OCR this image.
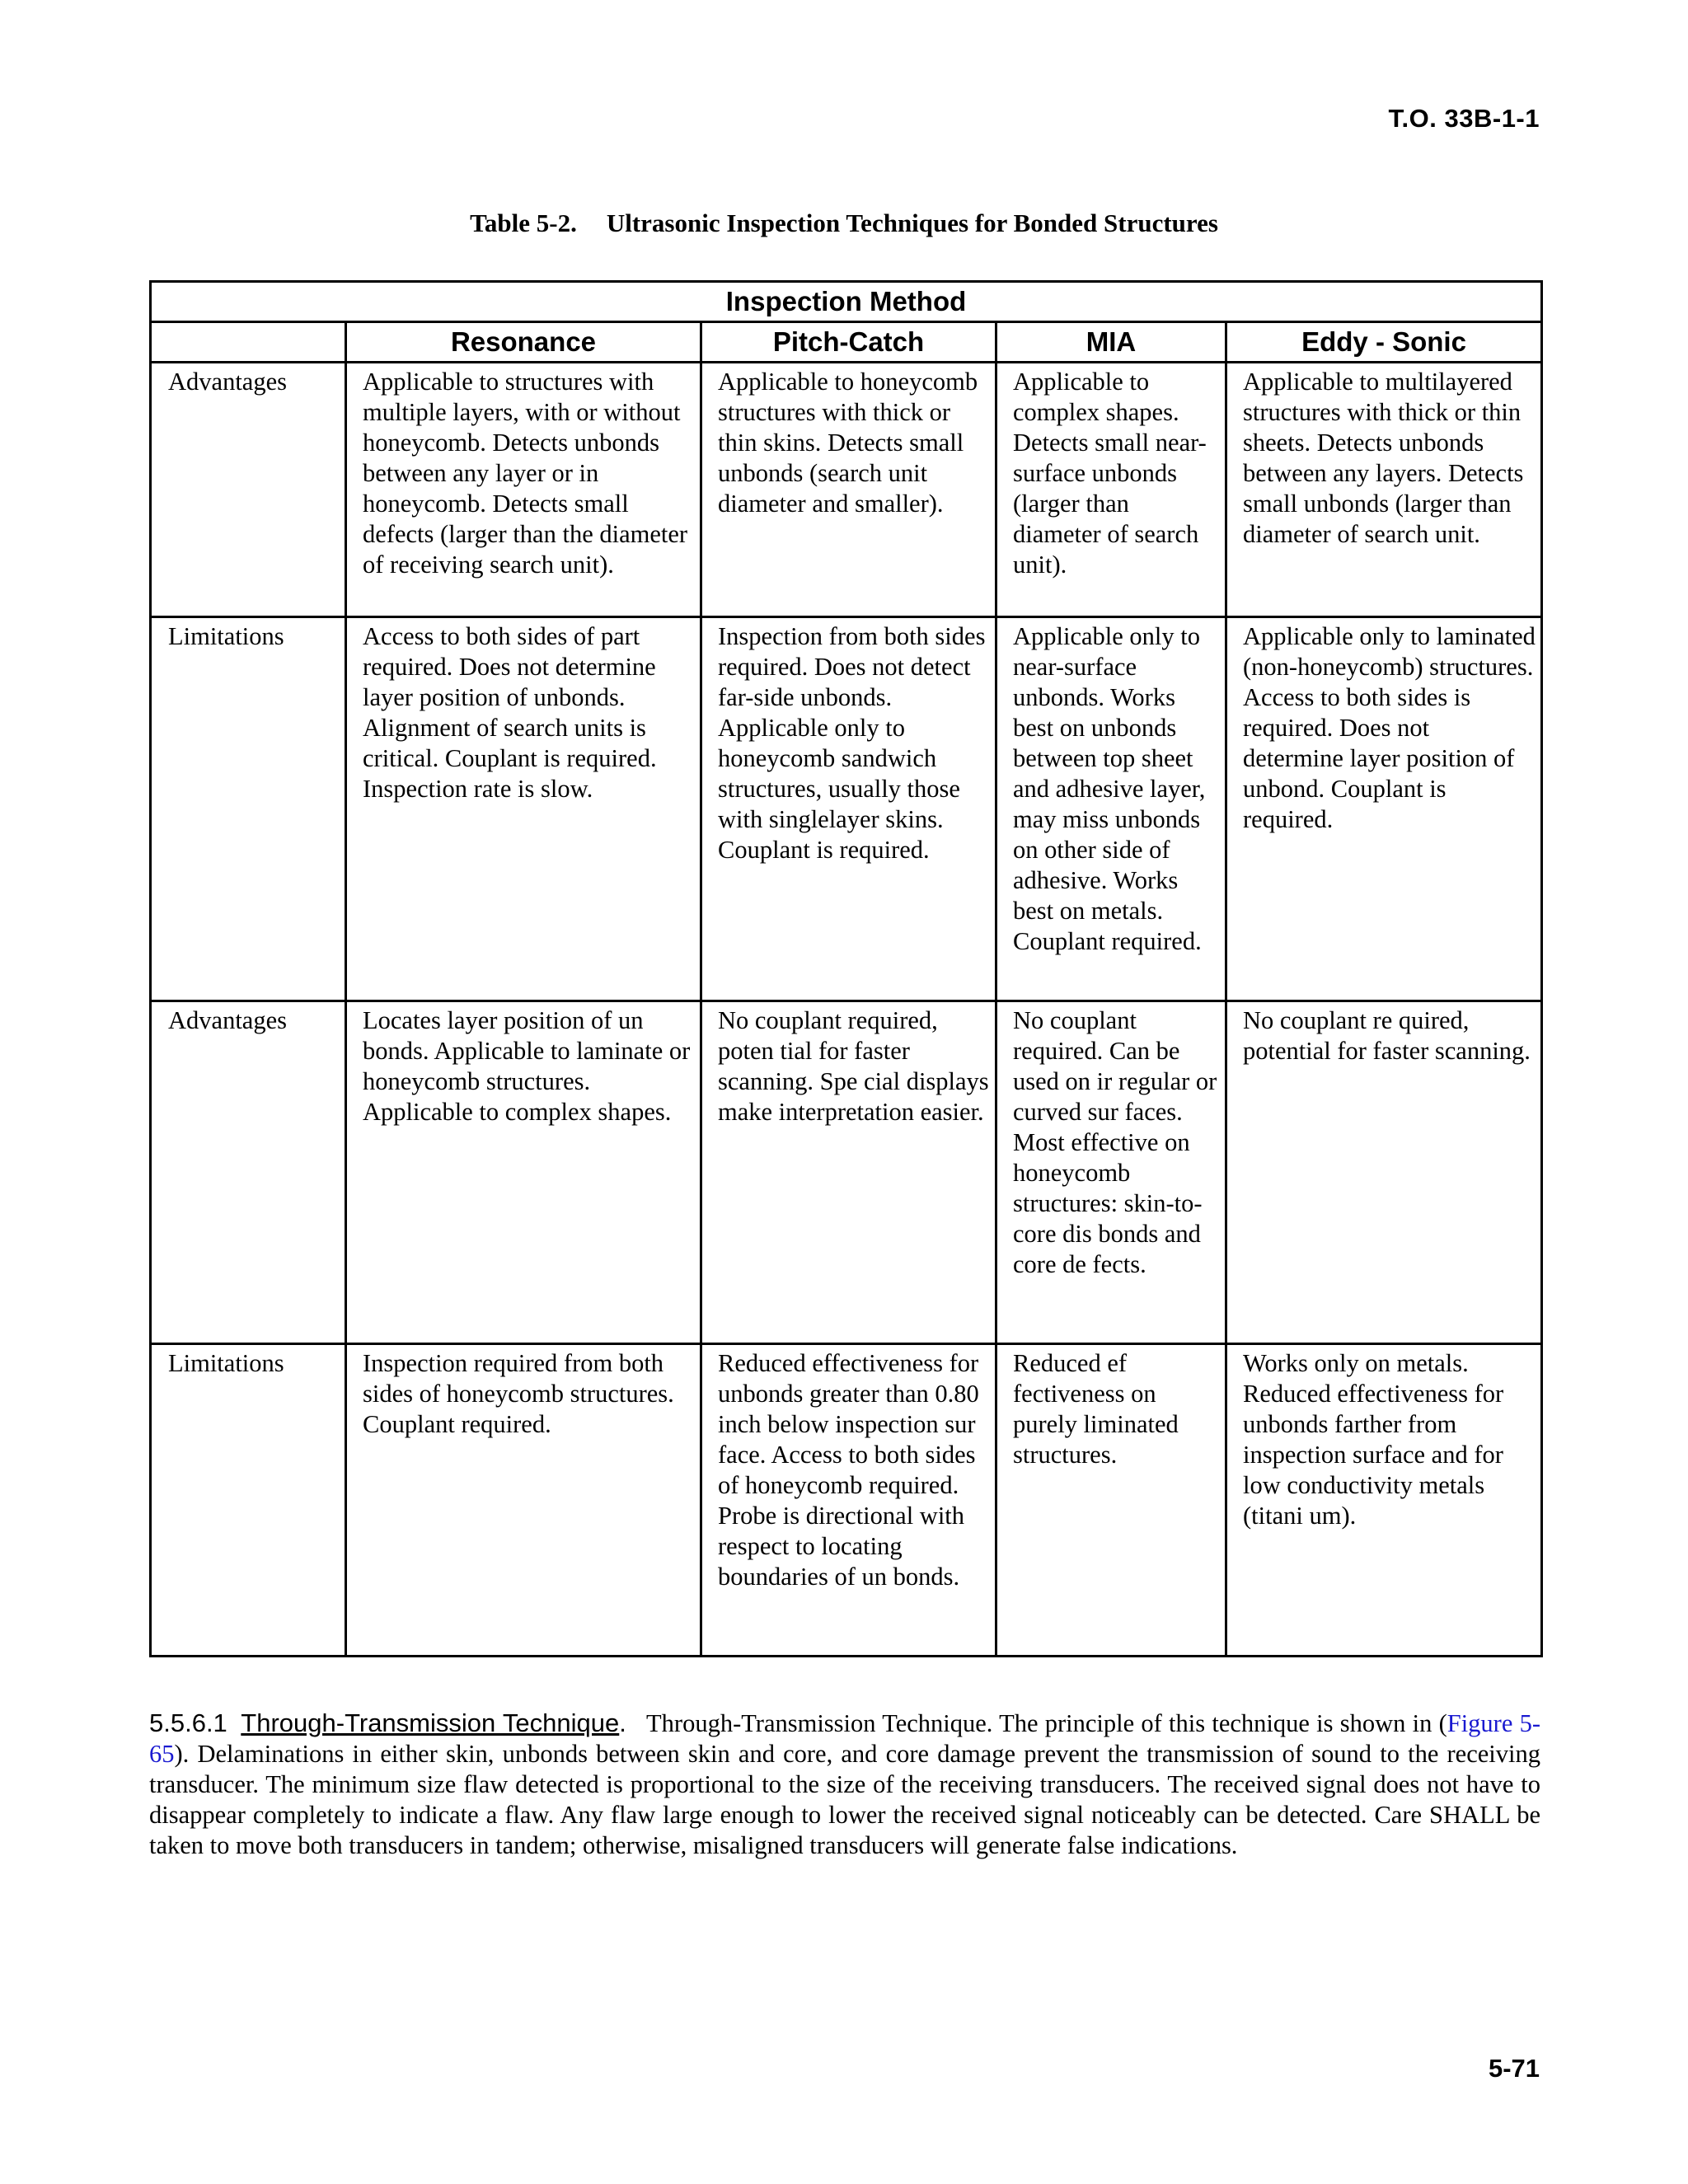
T.O. 33B-1-1
Table 5-2. Ultrasonic Inspection Techniques for Bonded Structures
Inspection Method				
	Resonance	Pitch-Catch	MIA	Eddy - Sonic
Advantages	Applicable to structures with multiple layers, with or without honeycomb. Detects unbonds between any layer or in honeycomb. Detects small defects (larger than the diameter of receiving search unit).	Applicable to honeycomb structures with thick or thin skins. Detects small unbonds (search unit diameter and smaller).	Applicable to complex shapes. Detects small near-surface unbonds (larger than diameter of search unit).	Applicable to multilayered structures with thick or thin sheets. Detects unbonds between any layers. Detects small unbonds (larger than diameter of search unit.
Limitations	Access to both sides of part required. Does not determine layer position of unbonds. Alignment of search units is critical. Couplant is required. Inspection rate is slow.	Inspection from both sides required. Does not detect far-side unbonds. Applicable only to honeycomb sandwich structures, usually those with singlelayer skins. Couplant is required.	Applicable only to near-surface unbonds. Works best on unbonds between top sheet and adhesive layer, may miss unbonds on other side of adhesive. Works best on metals. Couplant required.	Applicable only to laminated (non-honeycomb) structures. Access to both sides is required. Does not determine layer position of unbond. Couplant is required.
Advantages	Locates layer position of un bonds. Applicable to laminate or honeycomb structures. Applicable to complex shapes.	No couplant required, poten tial for faster scanning. Spe cial displays make interpretation easier.	No couplant required. Can be used on ir regular or curved sur faces. Most effective on honeycomb structures: skin-to-core dis bonds and core de fects.	No couplant re quired, potential for faster scanning.
Limitations	Inspection required from both sides of honeycomb structures. Couplant required.	Reduced effectiveness for unbonds greater than 0.80 inch below inspection sur face. Access to both sides of honeycomb required. Probe is directional with respect to locating boundaries of un bonds.	Reduced ef fectiveness on purely liminated structures.	Works only on metals. Reduced effectiveness for unbonds farther from inspection surface and for low conductivity metals (titani um).
5.5.6.1 Through-Transmission Technique. Through-Transmission Technique. The principle of this technique is shown in (Figure 5-65). Delaminations in either skin, unbonds between skin and core, and core damage prevent the transmission of sound to the receiving transducer. The minimum size flaw detected is proportional to the size of the receiving transducers. The received signal does not have to disappear completely to indicate a flaw. Any flaw large enough to lower the received signal noticeably can be detected. Care SHALL be taken to move both transducers in tandem; otherwise, misaligned transducers will generate false indications.
5-71
